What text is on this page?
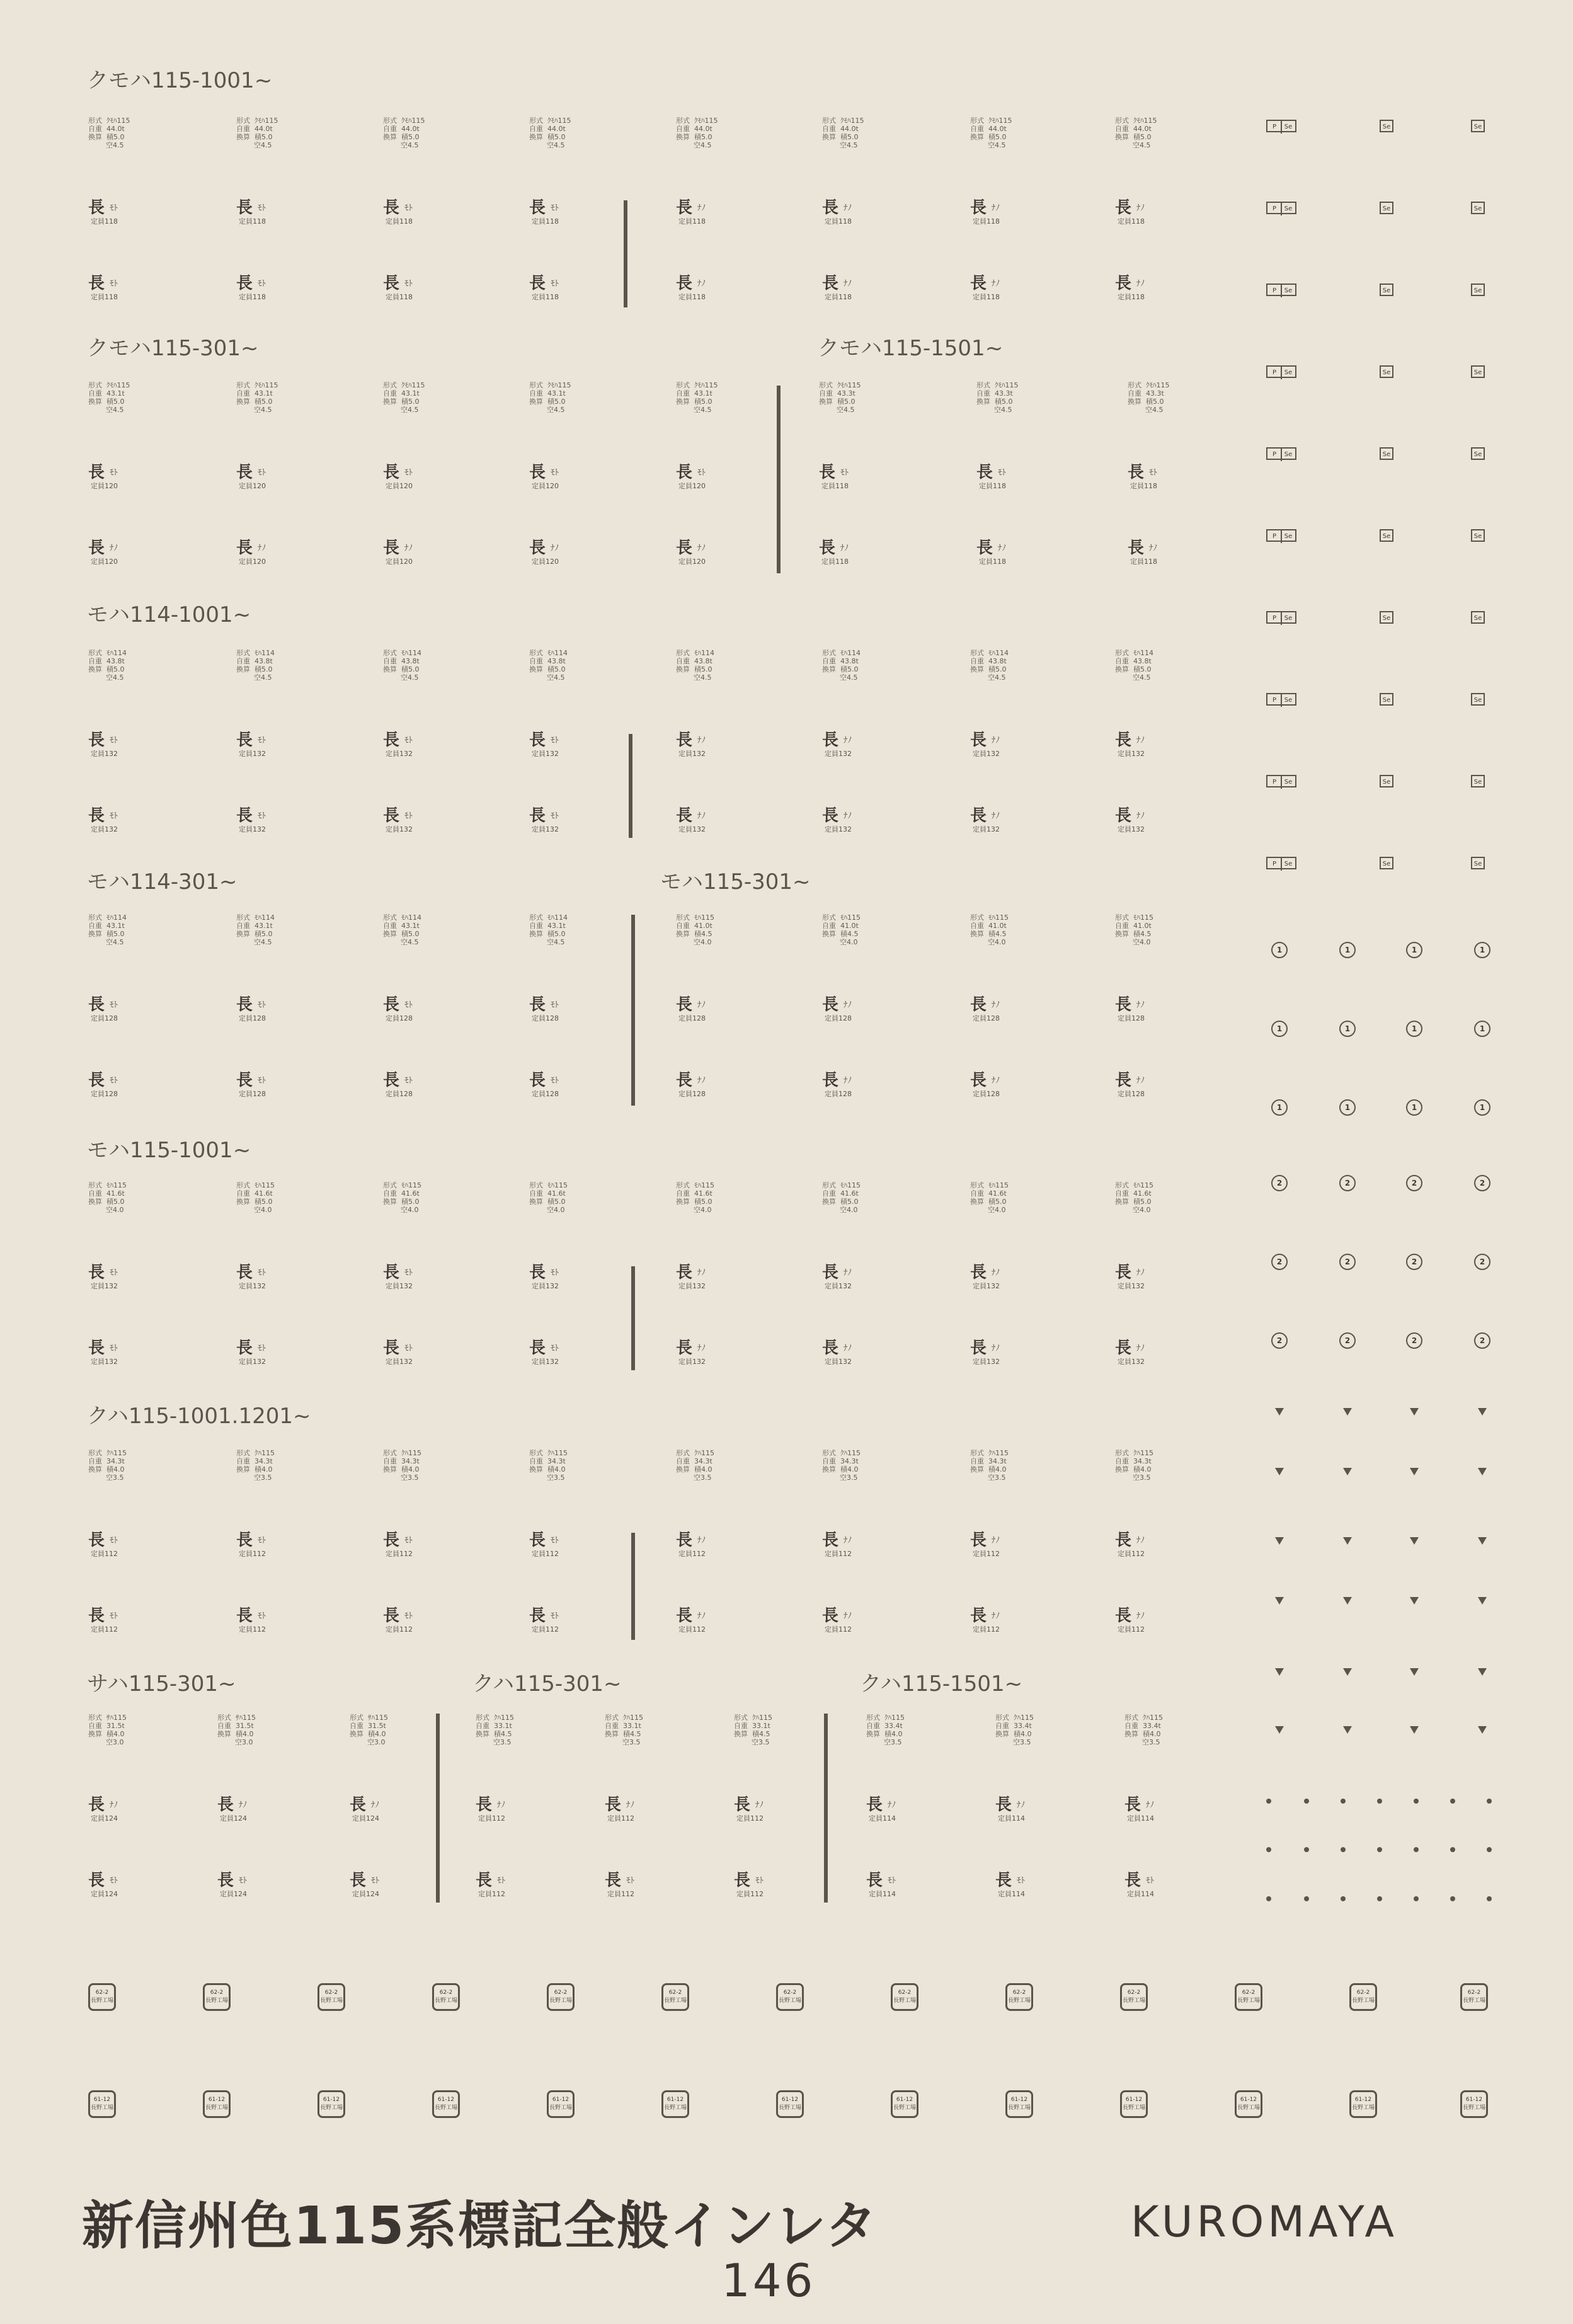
クモハ115-1001~
クモハ115-301~	クモハ115-1501~
モハ114-1001~
モハ114-301~	モハ115-301~
モハ115-1001~
クハ115-1001.1201~
サハ115-301~	クハ115-301~	クハ115-1501~
形式  ｸﾓﾊ115
自重  44.0t
換算  積5.0
空4.5
長 ﾓﾄ
定員118
長 ﾓﾄ
定員118
形式  ｸﾓﾊ115
自重  44.0t
換算  積5.0
空4.5
長 ﾓﾄ
定員118
長 ﾓﾄ
定員118
形式  ｸﾓﾊ115
自重  44.0t
換算  積5.0
空4.5
長 ﾓﾄ
定員118
長 ﾓﾄ
定員118
形式  ｸﾓﾊ115
自重  44.0t
換算  積5.0
空4.5
長 ﾓﾄ
定員118
長 ﾓﾄ
定員118
形式  ｸﾓﾊ115
自重  44.0t
換算  積5.0
空4.5
長 ﾅﾉ
定員118
長 ﾅﾉ
定員118
形式  ｸﾓﾊ115
自重  44.0t
換算  積5.0
空4.5
長 ﾅﾉ
定員118
長 ﾅﾉ
定員118
形式  ｸﾓﾊ115
自重  44.0t
換算  積5.0
空4.5
長 ﾅﾉ
定員118
長 ﾅﾉ
定員118
形式  ｸﾓﾊ115
自重  44.0t
換算  積5.0
空4.5
長 ﾅﾉ
定員118
長 ﾅﾉ
定員118
形式  ｸﾓﾊ115
自重  43.1t
換算  積5.0
空4.5
長 ﾓﾄ
定員120
長 ﾅﾉ
定員120
形式  ｸﾓﾊ115
自重  43.1t
換算  積5.0
空4.5
長 ﾓﾄ
定員120
長 ﾅﾉ
定員120
形式  ｸﾓﾊ115
自重  43.1t
換算  積5.0
空4.5
長 ﾓﾄ
定員120
長 ﾅﾉ
定員120
形式  ｸﾓﾊ115
自重  43.1t
換算  積5.0
空4.5
長 ﾓﾄ
定員120
長 ﾅﾉ
定員120
形式  ｸﾓﾊ115
自重  43.1t
換算  積5.0
空4.5
長 ﾓﾄ
定員120
長 ﾅﾉ
定員120
形式  ｸﾓﾊ115
自重  43.3t
換算  積5.0
空4.5
長 ﾓﾄ
定員118
長 ﾅﾉ
定員118
形式  ｸﾓﾊ115
自重  43.3t
換算  積5.0
空4.5
長 ﾓﾄ
定員118
長 ﾅﾉ
定員118
形式  ｸﾓﾊ115
自重  43.3t
換算  積5.0
空4.5
長 ﾓﾄ
定員118
長 ﾅﾉ
定員118
形式  ﾓﾊ114
自重  43.8t
換算  積5.0
空4.5
長 ﾓﾄ
定員132
長 ﾓﾄ
定員132
形式  ﾓﾊ114
自重  43.8t
換算  積5.0
空4.5
長 ﾓﾄ
定員132
長 ﾓﾄ
定員132
形式  ﾓﾊ114
自重  43.8t
換算  積5.0
空4.5
長 ﾓﾄ
定員132
長 ﾓﾄ
定員132
形式  ﾓﾊ114
自重  43.8t
換算  積5.0
空4.5
長 ﾓﾄ
定員132
長 ﾓﾄ
定員132
形式  ﾓﾊ114
自重  43.8t
換算  積5.0
空4.5
長 ﾅﾉ
定員132
長 ﾅﾉ
定員132
形式  ﾓﾊ114
自重  43.8t
換算  積5.0
空4.5
長 ﾅﾉ
定員132
長 ﾅﾉ
定員132
形式  ﾓﾊ114
自重  43.8t
換算  積5.0
空4.5
長 ﾅﾉ
定員132
長 ﾅﾉ
定員132
形式  ﾓﾊ114
自重  43.8t
換算  積5.0
空4.5
長 ﾅﾉ
定員132
長 ﾅﾉ
定員132
形式  ﾓﾊ114
自重  43.1t
換算  積5.0
空4.5
長 ﾓﾄ
定員128
長 ﾓﾄ
定員128
形式  ﾓﾊ114
自重  43.1t
換算  積5.0
空4.5
長 ﾓﾄ
定員128
長 ﾓﾄ
定員128
形式  ﾓﾊ114
自重  43.1t
換算  積5.0
空4.5
長 ﾓﾄ
定員128
長 ﾓﾄ
定員128
形式  ﾓﾊ114
自重  43.1t
換算  積5.0
空4.5
長 ﾓﾄ
定員128
長 ﾓﾄ
定員128
形式  ﾓﾊ115
自重  41.0t
換算  積4.5
空4.0
長 ﾅﾉ
定員128
長 ﾅﾉ
定員128
形式  ﾓﾊ115
自重  41.0t
換算  積4.5
空4.0
長 ﾅﾉ
定員128
長 ﾅﾉ
定員128
形式  ﾓﾊ115
自重  41.0t
換算  積4.5
空4.0
長 ﾅﾉ
定員128
長 ﾅﾉ
定員128
形式  ﾓﾊ115
自重  41.0t
換算  積4.5
空4.0
長 ﾅﾉ
定員128
長 ﾅﾉ
定員128
形式  ﾓﾊ115
自重  41.6t
換算  積5.0
空4.0
長 ﾓﾄ
定員132
長 ﾓﾄ
定員132
形式  ﾓﾊ115
自重  41.6t
換算  積5.0
空4.0
長 ﾓﾄ
定員132
長 ﾓﾄ
定員132
形式  ﾓﾊ115
自重  41.6t
換算  積5.0
空4.0
長 ﾓﾄ
定員132
長 ﾓﾄ
定員132
形式  ﾓﾊ115
自重  41.6t
換算  積5.0
空4.0
長 ﾓﾄ
定員132
長 ﾓﾄ
定員132
形式  ﾓﾊ115
自重  41.6t
換算  積5.0
空4.0
長 ﾅﾉ
定員132
長 ﾅﾉ
定員132
形式  ﾓﾊ115
自重  41.6t
換算  積5.0
空4.0
長 ﾅﾉ
定員132
長 ﾅﾉ
定員132
形式  ﾓﾊ115
自重  41.6t
換算  積5.0
空4.0
長 ﾅﾉ
定員132
長 ﾅﾉ
定員132
形式  ﾓﾊ115
自重  41.6t
換算  積5.0
空4.0
長 ﾅﾉ
定員132
長 ﾅﾉ
定員132
形式  ｸﾊ115
自重  34.3t
換算  積4.0
空3.5
長 ﾓﾄ
定員112
長 ﾓﾄ
定員112
形式  ｸﾊ115
自重  34.3t
換算  積4.0
空3.5
長 ﾓﾄ
定員112
長 ﾓﾄ
定員112
形式  ｸﾊ115
自重  34.3t
換算  積4.0
空3.5
長 ﾓﾄ
定員112
長 ﾓﾄ
定員112
形式  ｸﾊ115
自重  34.3t
換算  積4.0
空3.5
長 ﾓﾄ
定員112
長 ﾓﾄ
定員112
形式  ｸﾊ115
自重  34.3t
換算  積4.0
空3.5
長 ﾅﾉ
定員112
長 ﾅﾉ
定員112
形式  ｸﾊ115
自重  34.3t
換算  積4.0
空3.5
長 ﾅﾉ
定員112
長 ﾅﾉ
定員112
形式  ｸﾊ115
自重  34.3t
換算  積4.0
空3.5
長 ﾅﾉ
定員112
長 ﾅﾉ
定員112
形式  ｸﾊ115
自重  34.3t
換算  積4.0
空3.5
長 ﾅﾉ
定員112
長 ﾅﾉ
定員112
形式  ｻﾊ115
自重  31.5t
換算  積4.0
空3.0
長 ﾅﾉ
定員124
長 ﾓﾄ
定員124
形式  ｻﾊ115
自重  31.5t
換算  積4.0
空3.0
長 ﾅﾉ
定員124
長 ﾓﾄ
定員124
形式  ｻﾊ115
自重  31.5t
換算  積4.0
空3.0
長 ﾅﾉ
定員124
長 ﾓﾄ
定員124
形式  ｸﾊ115
自重  33.1t
換算  積4.5
空3.5
長 ﾅﾉ
定員112
長 ﾓﾄ
定員112
形式  ｸﾊ115
自重  33.1t
換算  積4.5
空3.5
長 ﾅﾉ
定員112
長 ﾓﾄ
定員112
形式  ｸﾊ115
自重  33.1t
換算  積4.5
空3.5
長 ﾅﾉ
定員112
長 ﾓﾄ
定員112
形式  ｸﾊ115
自重  33.4t
換算  積4.0
空3.5
長 ﾅﾉ
定員114
長 ﾓﾄ
定員114
形式  ｸﾊ115
自重  33.4t
換算  積4.0
空3.5
長 ﾅﾉ
定員114
長 ﾓﾄ
定員114
形式  ｸﾊ115
自重  33.4t
換算  積4.0
空3.5
長 ﾅﾉ
定員114
長 ﾓﾄ
定員114
P Se	Se	Se
P Se	Se	Se
P Se	Se	Se
P Se	Se	Se
P Se	Se	Se
P Se	Se	Se
P Se	Se	Se
P Se	Se	Se
P Se	Se	Se
P Se	Se	Se
1	1	1	1
1	1	1	1
1	1	1	1
2	2	2	2
2	2	2	2
2	2	2	2
62-2
長野工場
62-2
長野工場
62-2
長野工場
62-2
長野工場
62-2
長野工場
62-2
長野工場
62-2
長野工場
62-2
長野工場
62-2
長野工場
62-2
長野工場
62-2
長野工場
62-2
長野工場
62-2
長野工場
61-12
長野工場
61-12
長野工場
61-12
長野工場
61-12
長野工場
61-12
長野工場
61-12
長野工場
61-12
長野工場
61-12
長野工場
61-12
長野工場
61-12
長野工場
61-12
長野工場
61-12
長野工場
61-12
長野工場
新信州色115系標記全般インレタ	KUROMAYA
146
